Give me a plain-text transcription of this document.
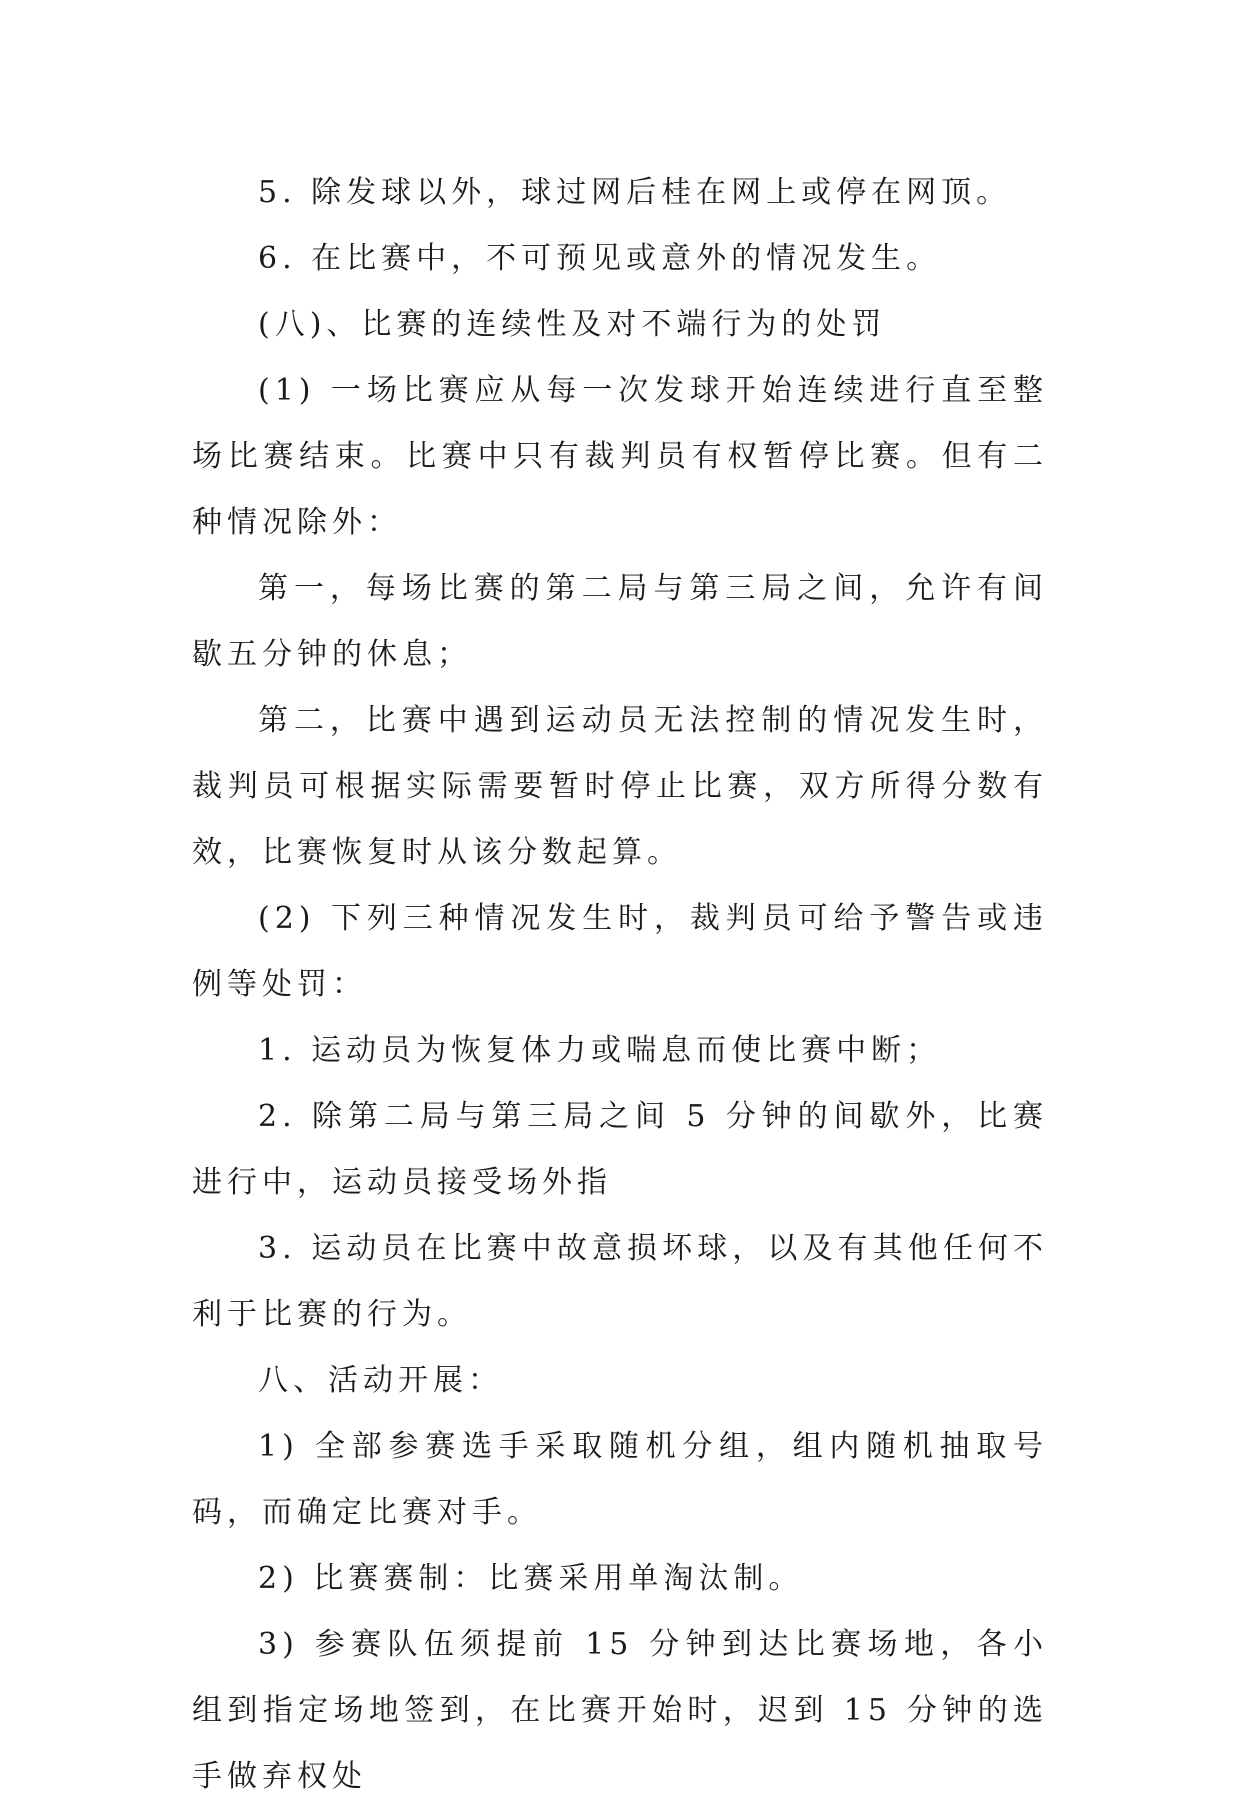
5. 除发球以外，球过网后桂在网上或停在网顶。

6. 在比赛中，不可预见或意外的情况发生。

(八)、比赛的连续性及对不端行为的处罚

(1) 一场比赛应从每一次发球开始连续进行直至整场比赛结束。比赛中只有裁判员有权暂停比赛。但有二种情况除外：

第一，每场比赛的第二局与第三局之间，允许有间歇五分钟的休息；

第二，比赛中遇到运动员无法控制的情况发生时，裁判员可根据实际需要暂时停止比赛，双方所得分数有效，比赛恢复时从该分数起算。

(2) 下列三种情况发生时，裁判员可给予警告或违例等处罚：

1. 运动员为恢复体力或喘息而使比赛中断；

2. 除第二局与第三局之间 5 分钟的间歇外，比赛进行中，运动员接受场外指

3. 运动员在比赛中故意损坏球，以及有其他任何不利于比赛的行为。

八、活动开展：

1) 全部参赛选手采取随机分组，组内随机抽取号码，而确定比赛对手。

2) 比赛赛制：比赛采用单淘汰制。

3) 参赛队伍须提前 15 分钟到达比赛场地，各小组到指定场地签到，在比赛开始时，迟到 15 分钟的选手做弃权处
